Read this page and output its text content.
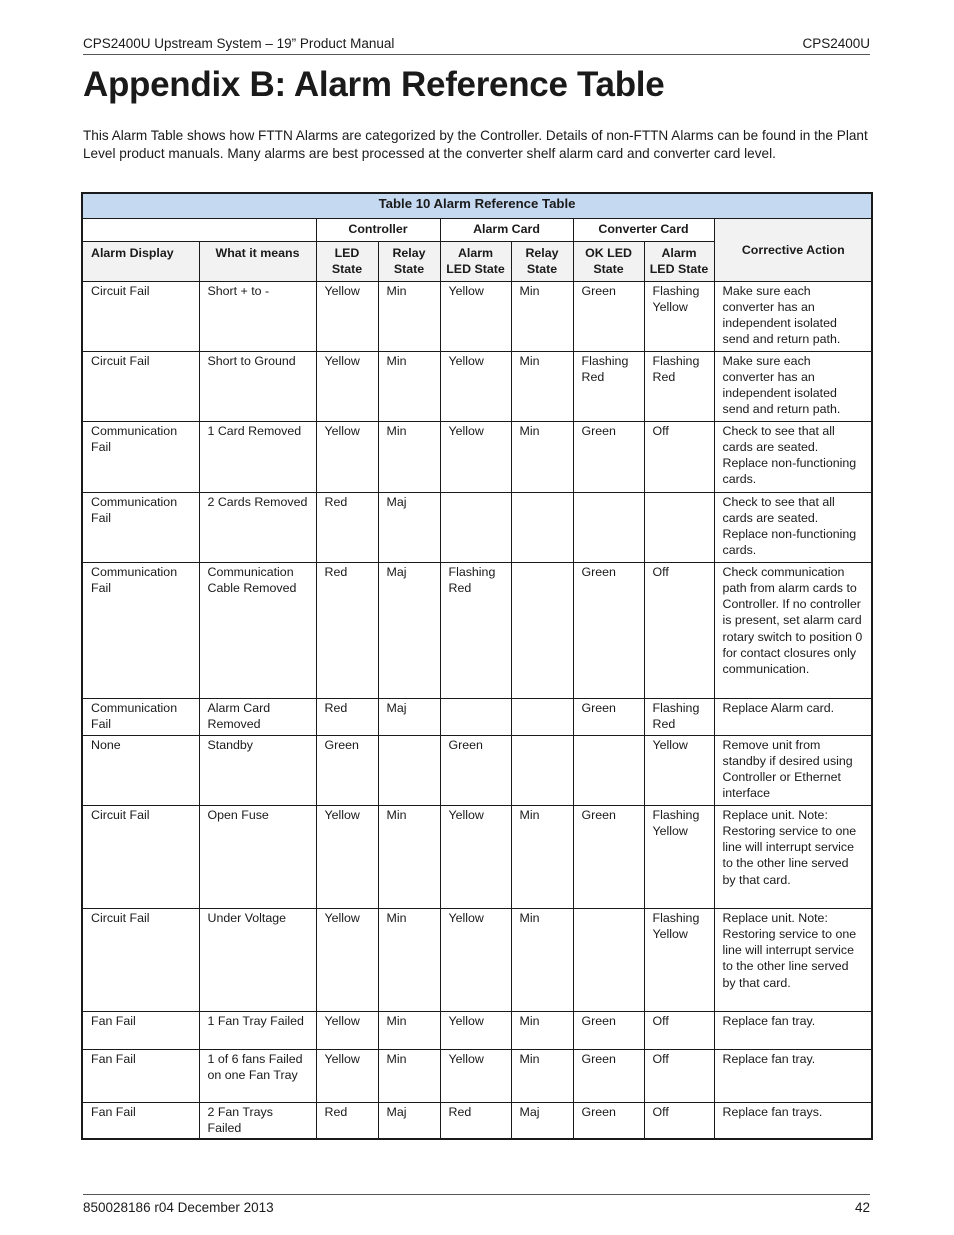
CPS2400U Upstream System – 19” Product Manual	CPS2400U
Appendix B: Alarm Reference Table

This Alarm Table shows how FTTN Alarms are categorized by the Controller. Details of non-FTTN Alarms can be found in the Plant Level product manuals. Many alarms are best processed at the converter shelf alarm card and converter card level.

Table 10 Alarm Reference Table								
		Controller		Alarm Card		Converter Card		Corrective Action
Alarm Display	What it means	LED State	Relay State	Alarm LED State	Relay State	OK LED State	Alarm LED State	
Circuit Fail	Short + to -	Yellow	Min	Yellow	Min	Green	Flashing Yellow	Make sure each converter has an independent isolated send and return path.
Circuit Fail	Short to Ground	Yellow	Min	Yellow	Min	Flashing Red	Flashing Red	Make sure each converter has an independent isolated send and return path.
Communication Fail	1 Card Removed	Yellow	Min	Yellow	Min	Green	Off	Check to see that all cards are seated. Replace non-functioning cards.
Communication Fail	2 Cards Removed	Red	Maj					Check to see that all cards are seated. Replace non-functioning cards.
Communication Fail	Communication Cable Removed	Red	Maj	Flashing Red		Green	Off	Check communication path from alarm cards to Controller. If no controller is present, set alarm card rotary switch to position 0 for contact closures only communication.
Communication Fail	Alarm Card Removed	Red	Maj			Green	Flashing Red	Replace Alarm card.
None	Standby	Green		Green			Yellow	Remove unit from standby if desired using Controller or Ethernet interface
Circuit Fail	Open Fuse	Yellow	Min	Yellow	Min	Green	Flashing Yellow	Replace unit. Note: Restoring service to one line will interrupt service to the other line served by that card.
Circuit Fail	Under Voltage	Yellow	Min	Yellow	Min		Flashing Yellow	Replace unit. Note: Restoring service to one line will interrupt service to the other line served by that card.
Fan Fail	1 Fan Tray Failed	Yellow	Min	Yellow	Min	Green	Off	Replace fan tray.
Fan Fail	1 of 6 fans Failed on one Fan Tray	Yellow	Min	Yellow	Min	Green	Off	Replace fan tray.
Fan Fail	2 Fan Trays Failed	Red	Maj	Red	Maj	Green	Off	Replace fan trays.
850028186 r04 December 2013	42
